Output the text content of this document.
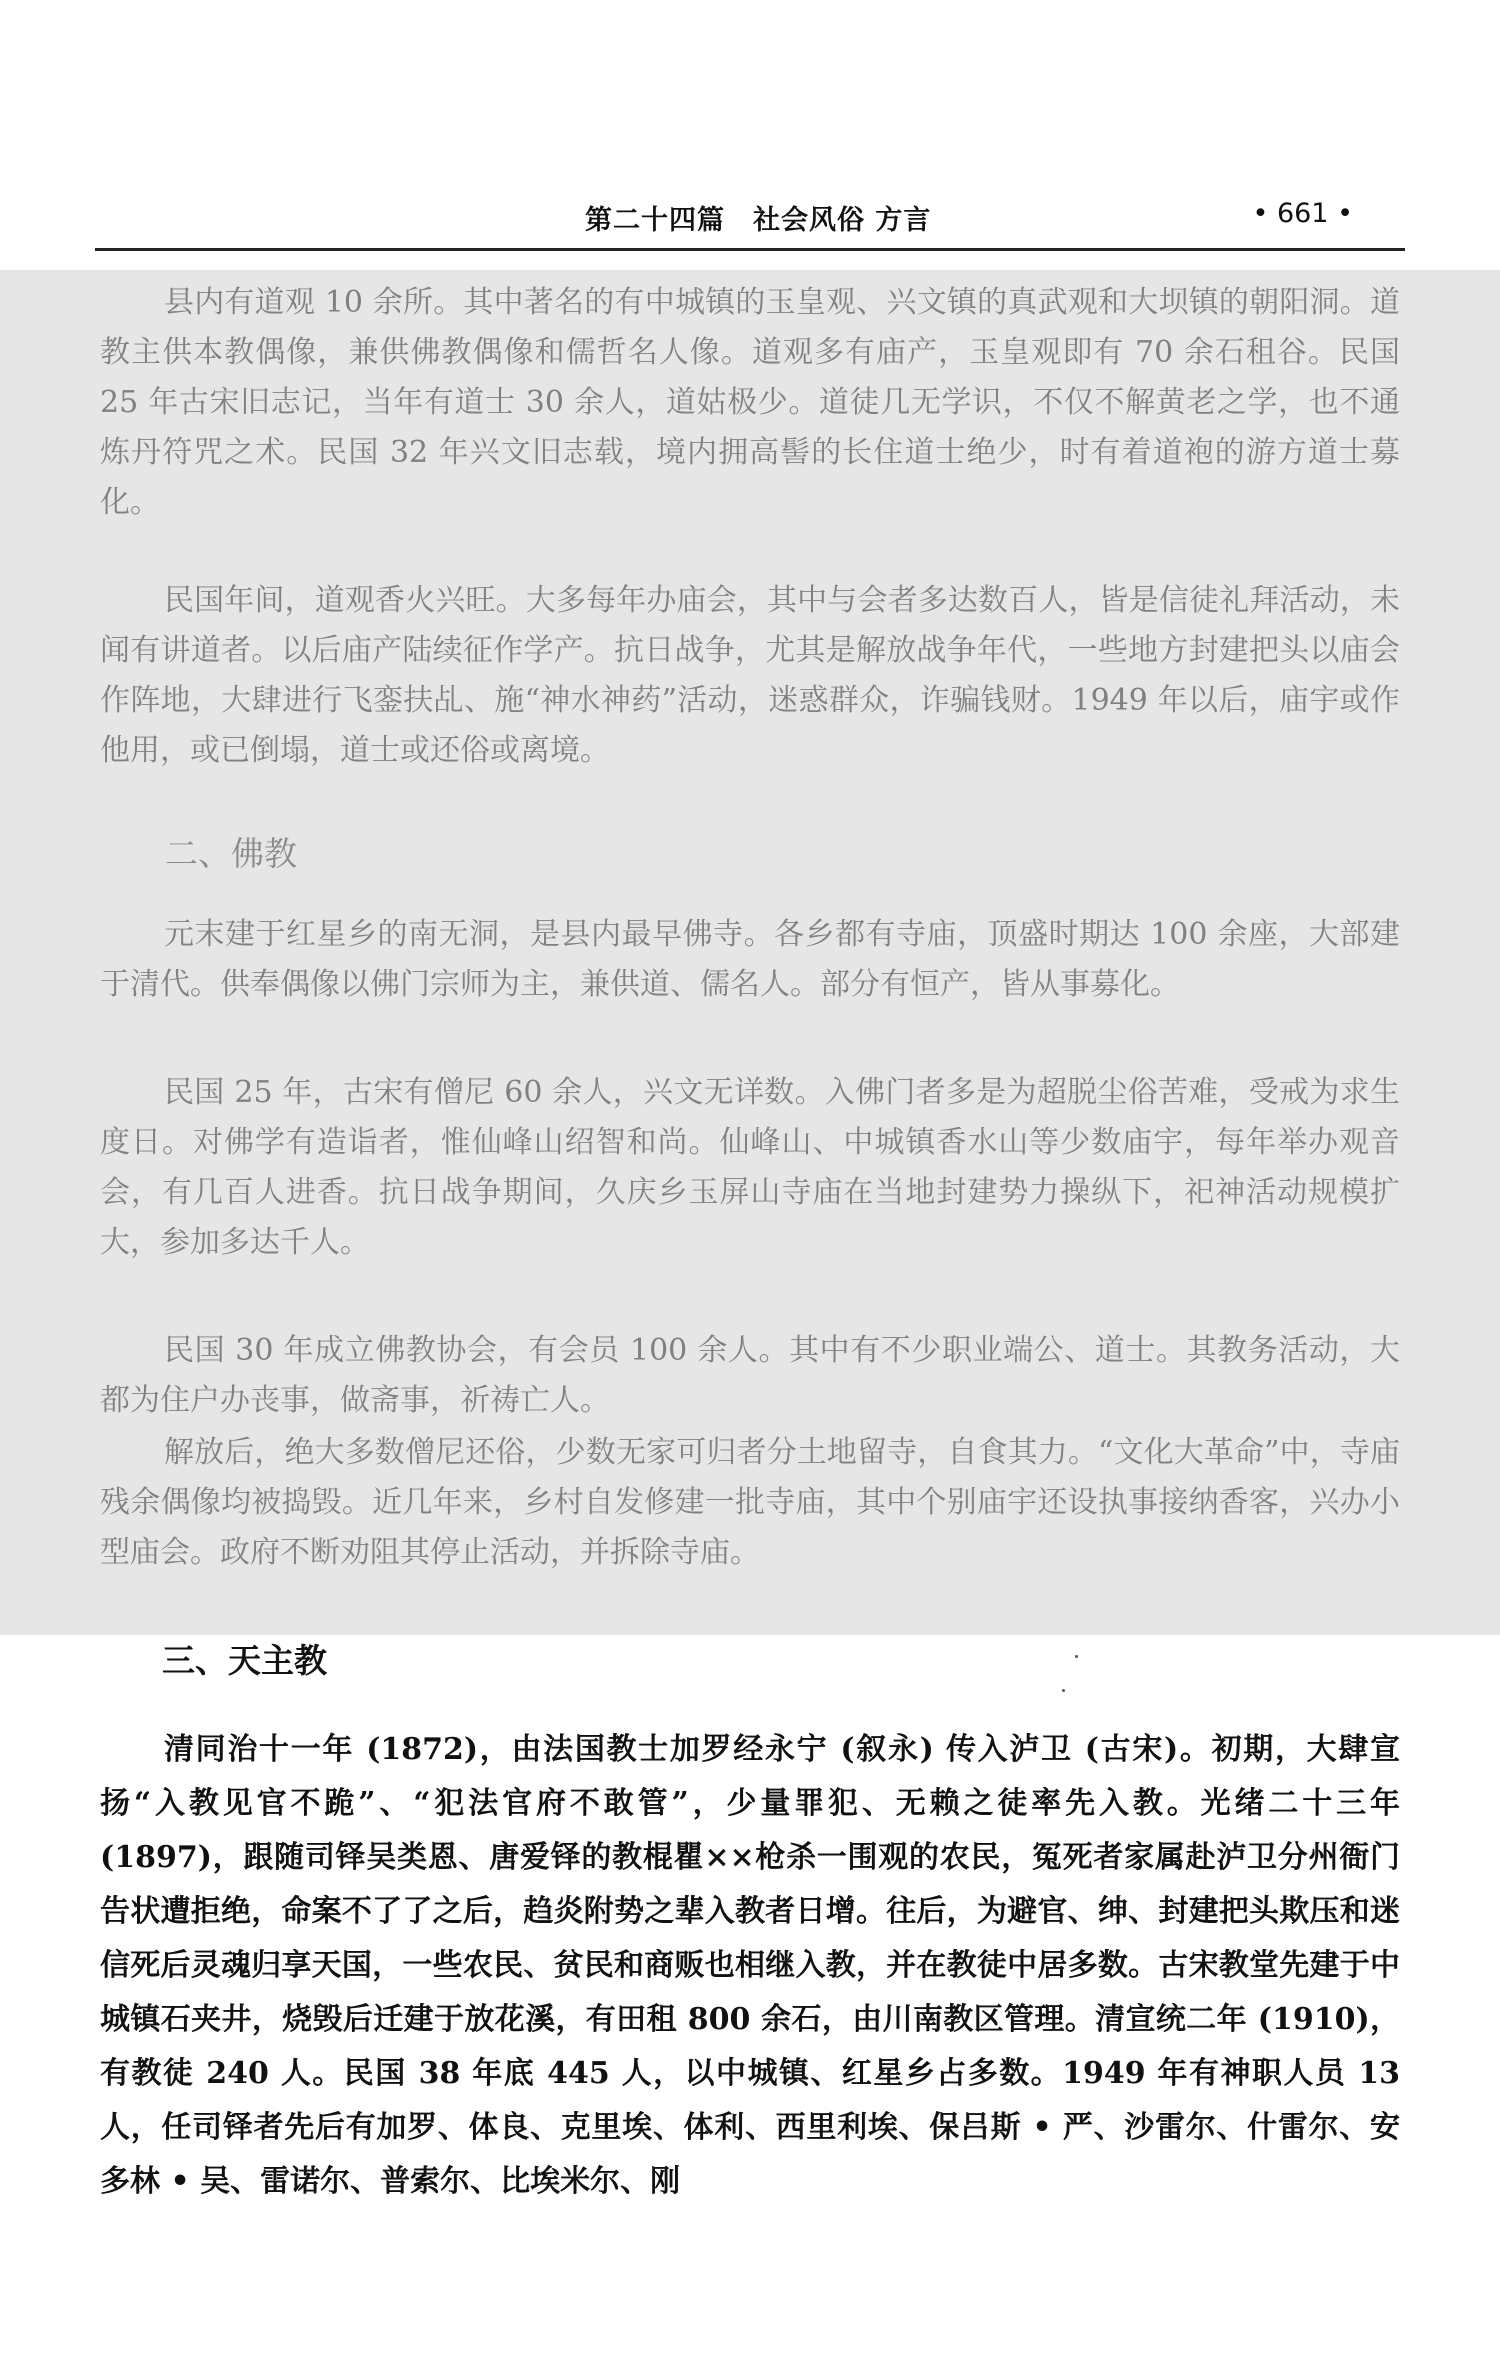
第二十四篇　社会风俗 方言	• 661 •

县内有道观 10 余所。其中著名的有中城镇的玉皇观、兴文镇的真武观和大坝镇的朝阳洞。道教主供本教偶像，兼供佛教偶像和儒哲名人像。道观多有庙产，玉皇观即有 70 余石租谷。民国 25 年古宋旧志记，当年有道士 30 余人，道姑极少。道徒几无学识，不仅不解黄老之学，也不通炼丹符咒之术。民国 32 年兴文旧志载，境内拥高髻的长住道士绝少，时有着道袍的游方道士募化。

民国年间，道观香火兴旺。大多每年办庙会，其中与会者多达数百人，皆是信徒礼拜活动，未闻有讲道者。以后庙产陆续征作学产。抗日战争，尤其是解放战争年代，一些地方封建把头以庙会作阵地，大肆进行飞銮扶乩、施“神水神药”活动，迷惑群众，诈骗钱财。1949 年以后，庙宇或作他用，或已倒塌，道士或还俗或离境。

二、佛教

元末建于红星乡的南无洞，是县内最早佛寺。各乡都有寺庙，顶盛时期达 100 余座，大部建于清代。供奉偶像以佛门宗师为主，兼供道、儒名人。部分有恒产，皆从事募化。

民国 25 年，古宋有僧尼 60 余人，兴文无详数。入佛门者多是为超脱尘俗苦难，受戒为求生度日。对佛学有造诣者，惟仙峰山绍智和尚。仙峰山、中城镇香水山等少数庙宇，每年举办观音会，有几百人进香。抗日战争期间，久庆乡玉屏山寺庙在当地封建势力操纵下，祀神活动规模扩大，参加多达千人。

民国 30 年成立佛教协会，有会员 100 余人。其中有不少职业端公、道士。其教务活动，大都为住户办丧事，做斋事，祈祷亡人。

解放后，绝大多数僧尼还俗，少数无家可归者分土地留寺，自食其力。“文化大革命”中，寺庙残余偶像均被捣毁。近几年来，乡村自发修建一批寺庙，其中个别庙宇还设执事接纳香客，兴办小型庙会。政府不断劝阻其停止活动，并拆除寺庙。

三、天主教

清同治十一年 (1872)，由法国教士加罗经永宁 (叙永) 传入泸卫 (古宋)。初期，大肆宣扬“入教见官不跪”、“犯法官府不敢管”，少量罪犯、无赖之徒率先入教。光绪二十三年 (1897)，跟随司铎吴类恩、唐爱铎的教棍瞿××枪杀一围观的农民，冤死者家属赴泸卫分州衙门告状遭拒绝，命案不了了之后，趋炎附势之辈入教者日增。往后，为避官、绅、封建把头欺压和迷信死后灵魂归享天国，一些农民、贫民和商贩也相继入教，并在教徒中居多数。古宋教堂先建于中城镇石夹井，烧毁后迁建于放花溪，有田租 800 余石，由川南教区管理。清宣统二年 (1910)，有教徒 240 人。民国 38 年底 445 人，以中城镇、红星乡占多数。1949 年有神职人员 13 人，任司铎者先后有加罗、体良、克里埃、体利、西里利埃、保吕斯 • 严、沙雷尔、什雷尔、安多林 • 吴、雷诺尔、普索尔、比埃米尔、刚
